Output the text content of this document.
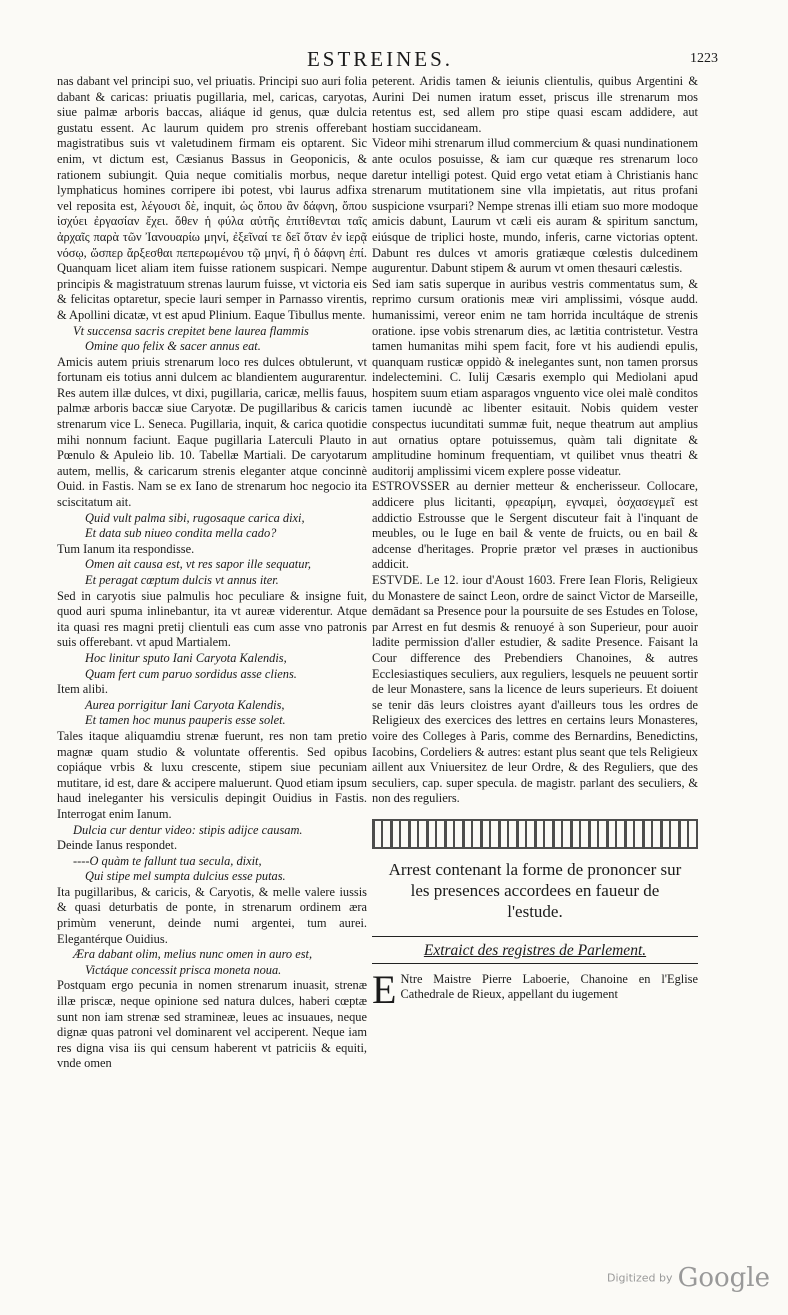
ESTREINES.	1223

nas dabant vel principi suo, vel priuatis. Principi suo auri folia dabant & caricas: priuatis pugillaria, mel, caricas, caryotas, siue palmæ arboris baccas, aliáque id genus, quæ dulcia gustatu essent. Ac laurum quidem pro strenis offerebant magistratibus suis vt valetudinem firmam eis optarent. Sic enim, vt dictum est, Cæsianus Bassus in Geoponicis, & rationem subiungit. Quia neque comitialis morbus, neque lymphaticus homines corripere ibi potest, vbi laurus adfixa vel reposita est, λέγουσι δὲ, inquit, ὡς ὅπου ἂν δάφνη, ὅπου ἰσχύει ἐργασίαν ἔχει. ὅθεν ἡ φύλα αὐτῆς ἐπιτίθενται ταῖς ἀρχαῖς παρὰ τῶν Ἰανουαρίω μηνί, ἐξεῖναί τε δεῖ ὅταν ἐν ἱερᾷ νόσῳ, ὥσπερ ἄρξεσθαι πεπερωμένου τῷ μηνί, ἢ ὁ δάφνη ἐπί. Quanquam licet aliam item fuisse rationem suspicari. Nempe principis & magistratuum strenas laurum fuisse, vt victoria eis & felicitas optaretur, specie lauri semper in Parnasso virentis, & Apollini dicatæ, vt est apud Plinium. Eaque Tibullus mente.

Vt succensa sacris crepitet bene laurea flammis

Omine quo felix & sacer annus eat.

Amicis autem priuis strenarum loco res dulces obtulerunt, vt fortunam eis totius anni dulcem ac blandientem augurarentur. Res autem illæ dulces, vt dixi, pugillaria, caricæ, mellis fauus, palmæ arboris baccæ siue Caryotæ. De pugillaribus & caricis strenarum vice L. Seneca. Pugillaria, inquit, & carica quotidie mihi nonnum faciunt. Eaque pugillaria Laterculi Plauto in Pœnulo & Apuleio lib. 10. Tabellæ Martiali. De caryotarum autem, mellis, & caricarum strenis eleganter atque concinnè Ouid. in Fastis. Nam se ex Iano de strenarum hoc negocio ita sciscitatum ait.

Quid vult palma sibi, rugosaque carica dixi,

Et data sub niueo condita mella cado?

Tum Ianum ita respondisse.

Omen ait causa est, vt res sapor ille sequatur,

Et peragat cœptum dulcis vt annus iter.

Sed in caryotis siue palmulis hoc peculiare & insigne fuit, quod auri spuma inlinebantur, ita vt aureæ viderentur. Atque ita quasi res magni pretij clientuli eas cum asse vno patronis suis offerebant. vt apud Martialem.

Hoc linitur sputo Iani Caryota Kalendis,

Quam fert cum paruo sordidus asse cliens.

Item alibi.

Aurea porrigitur Iani Caryota Kalendis,

Et tamen hoc munus pauperis esse solet.

Tales itaque aliquamdiu strenæ fuerunt, res non tam pretio magnæ quam studio & voluntate offerentis. Sed opibus copiáque vrbis & luxu crescente, stipem siue pecuniam mutitare, id est, dare & accipere maluerunt. Quod etiam ipsum haud ineleganter his versiculis depingit Ouidius in Fastis. Interrogat enim Ianum.

Dulcia cur dentur video: stipis adijce causam.

Deinde Ianus respondet.

----O quàm te fallunt tua secula, dixit,

Qui stipe mel sumpta dulcius esse putas.

Ita pugillaribus, & caricis, & Caryotis, & melle valere iussis & quasi deturbatis de ponte, in strenarum ordinem æra primùm venerunt, deinde numi argentei, tum aurei. Elegantérque Ouidius.

Æra dabant olim, melius nunc omen in auro est,

Victáque concessit prisca moneta noua.

Postquam ergo pecunia in nomen strenarum inuasit, strenæ illæ priscæ, neque opinione sed natura dulces, haberi cœptæ sunt non iam strenæ sed stramineæ, leues ac insuaues, neque dignæ quas patroni vel dominarent vel acciperent. Neque iam res digna visa iis qui censum haberent vt patriciis & equiti, vnde omen

peterent. Aridis tamen & ieiunis clientulis, quibus Argentini & Aurini Dei numen iratum esset, priscus ille strenarum mos retentus est, sed allem pro stipe quasi escam addidere, aut hostiam succidaneam.

Videor mihi strenarum illud commercium & quasi nundinationem ante oculos posuisse, & iam cur quæque res strenarum loco daretur intelligi potest. Quid ergo vetat etiam à Christianis hanc strenarum mutitationem sine vlla impietatis, aut ritus profani suspicione vsurpari? Nempe strenas illi etiam suo more modoque amicis dabunt, Laurum vt cæli eis auram & spiritum sanctum, eiúsque de triplici hoste, mundo, inferis, carne victorias optent. Dabunt res dulces vt amoris gratiæque cœlestis dulcedinem augurentur. Dabunt stipem & aurum vt omen thesauri cælestis.

Sed iam satis superque in auribus vestris commentatus sum, & reprimo cursum orationis meæ viri amplissimi, vósque audd. humanissimi, vereor enim ne tam horrida incultáque de strenis oratione. ipse vobis strenarum dies, ac lætitia contristetur. Vestra tamen humanitas mihi spem facit, fore vt his audiendi epulis, quanquam rusticæ oppidò & inelegantes sunt, non tamen prorsus indelectemini. C. Iulij Cæsaris exemplo qui Mediolani apud hospitem suum etiam asparagos vnguento vice olei malè conditos tamen iucundè ac libenter esitauit. Nobis quidem vester conspectus iucunditati summæ fuit, neque theatrum aut amplius aut ornatius optare potuissemus, quàm tali dignitate & amplitudine hominum frequentiam, vt quilibet vnus theatri & auditorij amplissimi vicem explere posse videatur.

ESTROVSSER au dernier metteur & encherisseur. Collocare, addicere plus licitanti, φρεαρίμη, εγναμεὶ, ὀσχασεγμεῖ est addictio Estrousse que le Sergent discuteur fait à l'inquant de meubles, ou le Iuge en bail & vente de fruicts, ou en bail & adcense d'heritages. Proprie prætor vel præses in auctionibus addicit.

ESTVDE. Le 12. iour d'Aoust 1603. Frere Iean Floris, Religieux du Monastere de sainct Leon, ordre de sainct Victor de Marseille, demādant sa Presence pour la poursuite de ses Estudes en Tolose, par Arrest en fut desmis & renuoyé à son Superieur, pour auoir ladite permission d'aller estudier, & sadite Presence. Faisant la Cour difference des Prebendiers Chanoines, & autres Ecclesiastiques seculiers, aux reguliers, lesquels ne peuuent sortir de leur Monastere, sans la licence de leurs superieurs. Et doiuent se tenir dās leurs cloistres ayant d'ailleurs tous les ordres de Religieux des exercices des lettres en certains leurs Monasteres, voire des Colleges à Paris, comme des Bernardins, Benedictins, Iacobins, Cordeliers & autres: estant plus seant que tels Religieux aillent aux Vniuersitez de leur Ordre, & des Reguliers, que des seculiers, cap. super specula. de magistr. parlant des seculiers, & non des reguliers.

Arrest contenant la forme de prononcer sur les presences accordees en faueur de l'estude.
Extraict des registres de Parlement.

E Ntre Maistre Pierre Laboerie, Chanoine en l'Eglise Cathedrale de Rieux, appellant du iugement

Digitized by Google
